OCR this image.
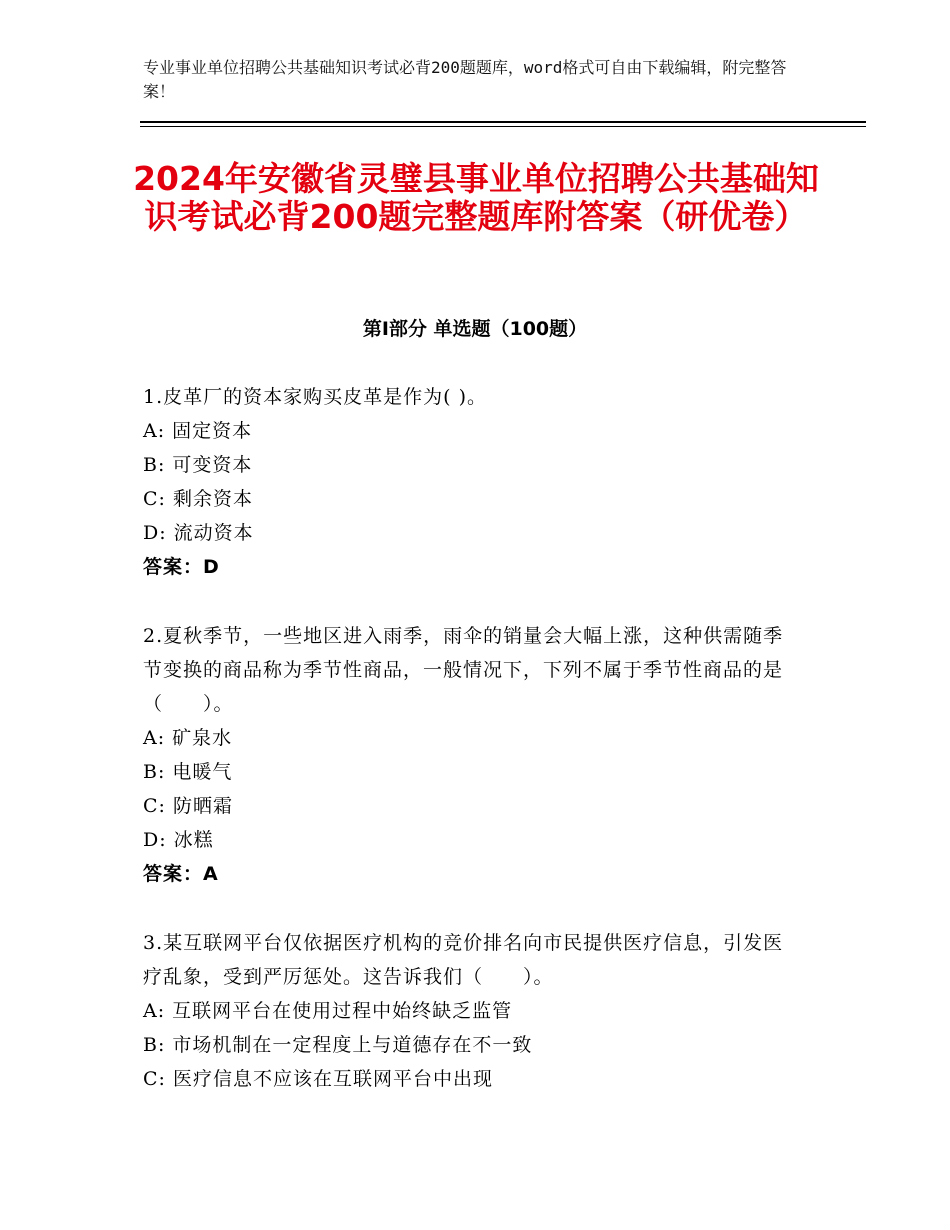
专业事业单位招聘公共基础知识考试必背200题题库，word格式可自由下载编辑，附完整答案！
2024年安徽省灵璧县事业单位招聘公共基础知识考试必背200题完整题库附答案（研优卷）
第I部分 单选题（100题）
1.皮革厂的资本家购买皮革是作为( )。
A: 固定资本
B: 可变资本
C: 剩余资本
D: 流动资本
答案：D
2.夏秋季节，一些地区进入雨季，雨伞的销量会大幅上涨，这种供需随季节变换的商品称为季节性商品，一般情况下，下列不属于季节性商品的是（　　）。
A: 矿泉水
B: 电暖气
C: 防晒霜
D: 冰糕
答案：A
3.某互联网平台仅依据医疗机构的竞价排名向市民提供医疗信息，引发医疗乱象，受到严厉惩处。这告诉我们（　　）。
A: 互联网平台在使用过程中始终缺乏监管
B: 市场机制在一定程度上与道德存在不一致
C: 医疗信息不应该在互联网平台中出现
